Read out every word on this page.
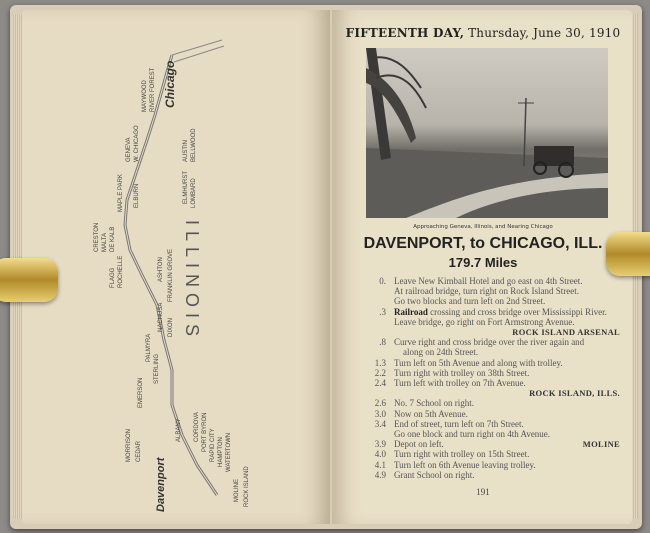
ILLINOIS
Chicago
Davenport
RIVER FOREST
MAYWOOD
AUSTIN BELLWOOD
ELMHURST LOMBARD
W. CHICAGO
GENEVA
ELBURN
MAPLE PARK
DE KALB
MALTA
CRESTON
ROCHELLE
FLAGG	ASHTON FRANKLIN GROVE
NACHUSA DIXON
PALMYRA
STERLING
EMERSON
MORRISON CEDAR
ALBANY CORDOVA PORT BYRON RAPID CITY HAMPTON WATERTOWN
MOLINE ROCK ISLAND
FIFTEENTH DAY, Thursday, June 30, 1910
Approaching Geneva, Illinois, and Nearing Chicago
DAVENPORT, to CHICAGO, ILL.
179.7 Miles
0. Leave New Kimball Hotel and go east on 4th Street.
At railroad bridge, turn right on Rock Island Street.
Go two blocks and turn left on 2nd Street.
.3 Railroad crossing and cross bridge over Mississippi River.
Leave bridge, go right on Fort Armstrong Avenue.
ROCK ISLAND ARSENAL
.8 Curve right and cross bridge over the river again and
along on 24th Street.
1.3 Turn left on 5th Avenue and along with trolley.
2.2 Turn right with trolley on 38th Street.
2.4 Turn left with trolley on 7th Avenue.
ROCK ISLAND, ILLS.
2.6 No. 7 School on right.
3.0 Now on 5th Avenue.
3.4 End of street, turn left on 7th Street.
Go one block and turn right on 4th Avenue.
3.9 Depot on left.	MOLINE
4.0 Turn right with trolley on 15th Street.
4.1 Turn left on 6th Avenue leaving trolley.
4.9 Grant School on right.
191
